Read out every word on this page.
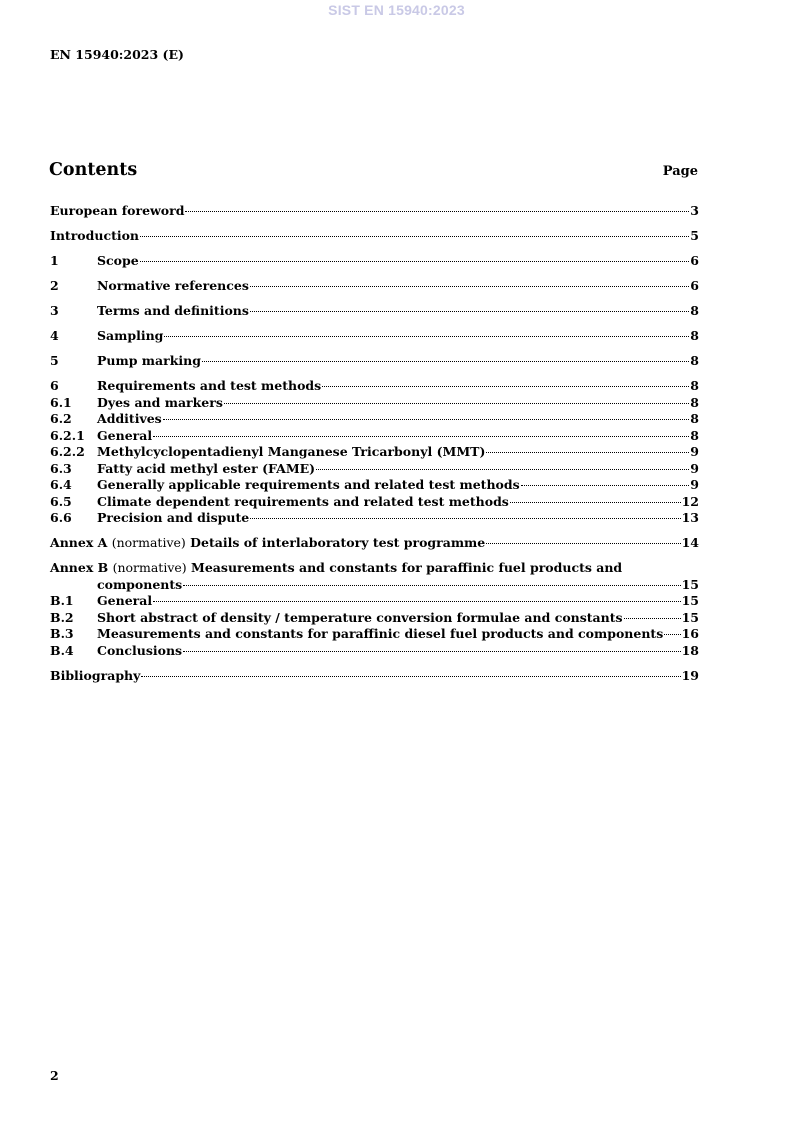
SIST EN 15940:2023
EN 15940:2023 (E)
Contents	Page
European foreword	3
Introduction	5
1	Scope	6
2	Normative references	6
3	Terms and definitions	8
4	Sampling	8
5	Pump marking	8
6	Requirements and test methods	8
6.1	Dyes and markers	8
6.2	Additives	8
6.2.1 General	8
6.2.2 Methylcyclopentadienyl Manganese Tricarbonyl (MMT)	9
6.3	Fatty acid methyl ester (FAME)	9
6.4	Generally applicable requirements and related test methods	9
6.5	Climate dependent requirements and related test methods	12
6.6	Precision and dispute	13
Annex A (normative) Details of interlaboratory test programme	14
Annex B (normative) Measurements and constants for paraffinic fuel products and
components	15
B.1	General	15
B.2	Short abstract of density / temperature conversion formulae and constants	15
B.3	Measurements and constants for paraffinic diesel fuel products and components 16
B.4	Conclusions	18
Bibliography	19
2
